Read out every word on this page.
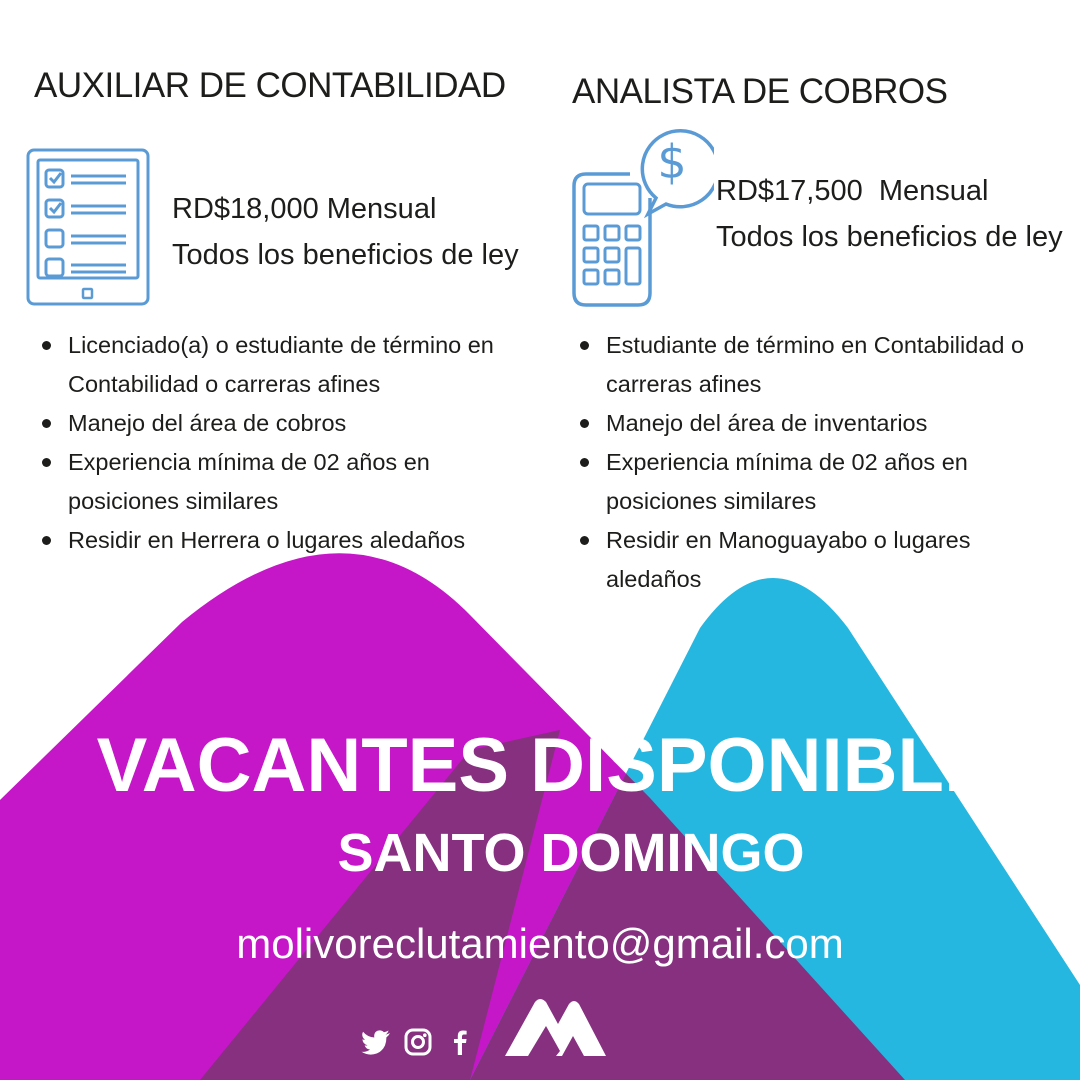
AUXILIAR DE CONTABILIDAD
RD$18,000 Mensual
Todos los beneficios de ley
Licenciado(a) o estudiante de término en Contabilidad o carreras afines
Manejo del área de cobros
Experiencia mínima de 02 años en posiciones similares
Residir en Herrera o lugares aledaños
ANALISTA DE COBROS
$
RD$17,500  Mensual
Todos los beneficios de ley
Estudiante de término en Contabilidad o carreras afines
Manejo del área de inventarios
Experiencia mínima de 02 años en posiciones similares
Residir en Manoguayabo o lugares aledaños
VACANTES DISPONIBLES
SANTO DOMINGO
molivoreclutamiento@gmail.com
